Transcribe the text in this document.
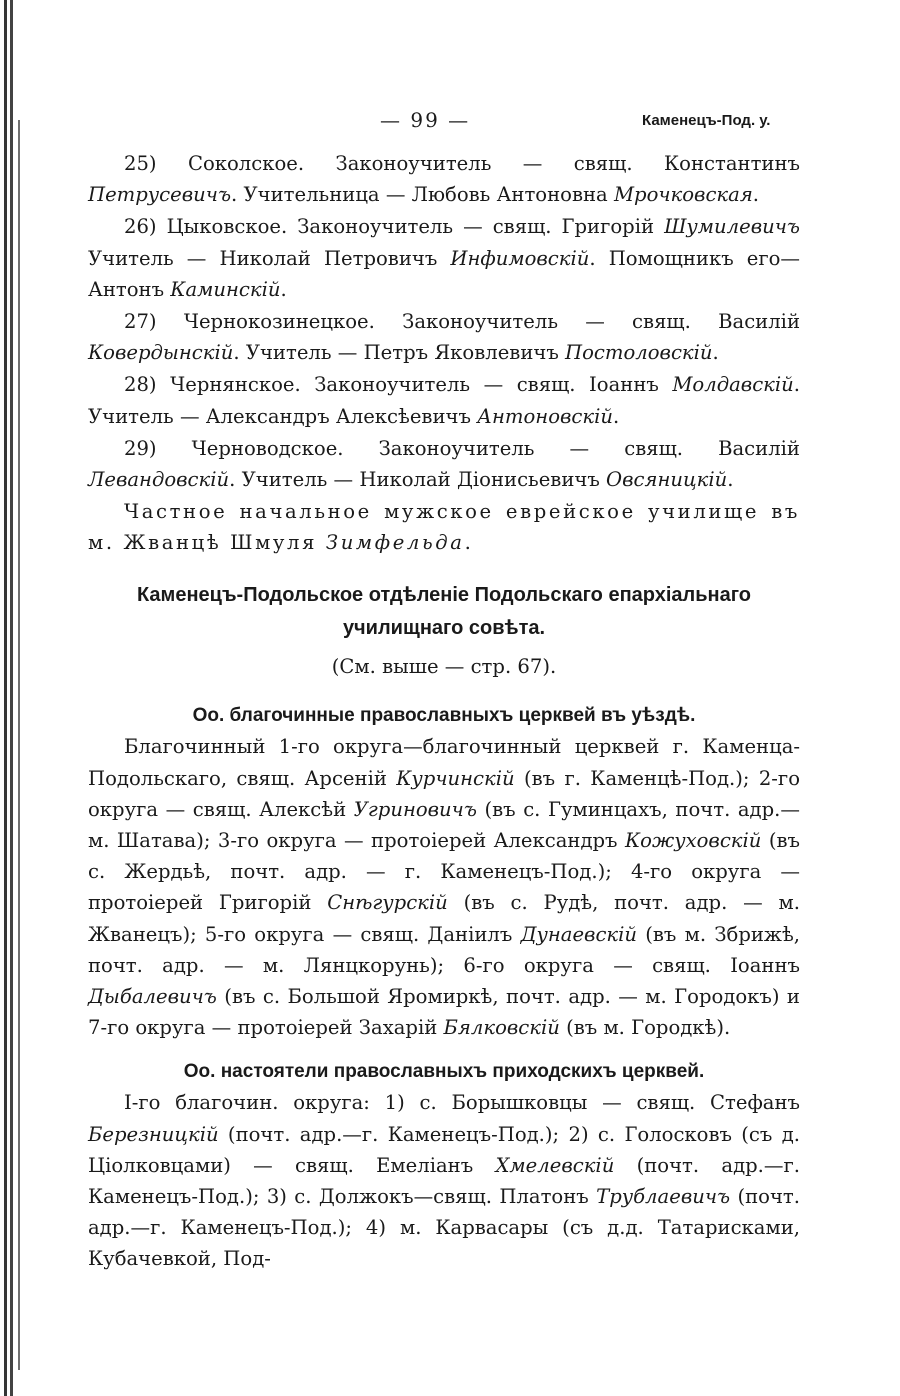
— 99 —	Каменецъ-Под. у.

25) Соколское. Законоучитель — свящ. Константинъ Петрусевичъ. Учительница — Любовь Антоновна Мрочковская.

26) Цыковское. Законоучитель — свящ. Григорій Шумилевичъ Учитель — Николай Петровичъ Инфимовскій. Помощникъ его—Антонъ Каминскій.

27) Чернокозинецкое. Законоучитель — свящ. Василій Ковердынскій. Учитель — Петръ Яковлевичъ Постоловскій.

28) Чернянское. Законоучитель — свящ. Іоаннъ Молдавскій. Учитель — Александръ Алексѣевичъ Антоновскій.

29) Черноводское. Законоучитель — свящ. Василій Левандовскій. Учитель — Николай Діонисьевичъ Овсяницкій.

Частное начальное мужское еврейское училище въ м. Жванцѣ Шмуля Зимфельда.

Каменецъ-Подольское отдѣленіе Подольскаго епархіальнаго училищнаго совѣта.

(См. выше — стр. 67).

Оо. благочинные православныхъ церквей въ уѣздѣ.

Благочинный 1-го округа—благочинный церквей г. Каменца-Подольскаго, свящ. Арсеній Курчинскій (въ г. Каменцѣ-Под.); 2-го округа — свящ. Алексѣй Угриновичъ (въ с. Гуминцахъ, почт. адр.—м. Шатава); 3-го округа — протоіерей Александръ Кожуховскій (въ с. Жердьѣ, почт. адр. — г. Каменецъ-Под.); 4-го округа — протоіерей Григорій Снѣгурскій (въ с. Рудѣ, почт. адр. — м. Жванецъ); 5-го округа — свящ. Даніилъ Дунаевскій (въ м. Збрижѣ, почт. адр. — м. Лянцкорунь); 6-го округа — свящ. Іоаннъ Дыбалевичъ (въ с. Большой Яромиркѣ, почт. адр. — м. Городокъ) и 7-го округа — протоіерей Захарій Бялковскій (въ м. Городкѣ).

Оо. настоятели православныхъ приходскихъ церквей.

І-го благочин. округа: 1) с. Борышковцы — свящ. Стефанъ Березницкій (почт. адр.—г. Каменецъ-Под.); 2) с. Голосковъ (съ д. Ціолковцами) — свящ. Емеліанъ Хмелевскій (почт. адр.—г. Каменецъ-Под.); 3) с. Должокъ—свящ. Платонъ Трублаевичъ (почт. адр.—г. Каменецъ-Под.); 4) м. Карвасары (съ д.д. Татарисками, Кубачевкой, Под-
